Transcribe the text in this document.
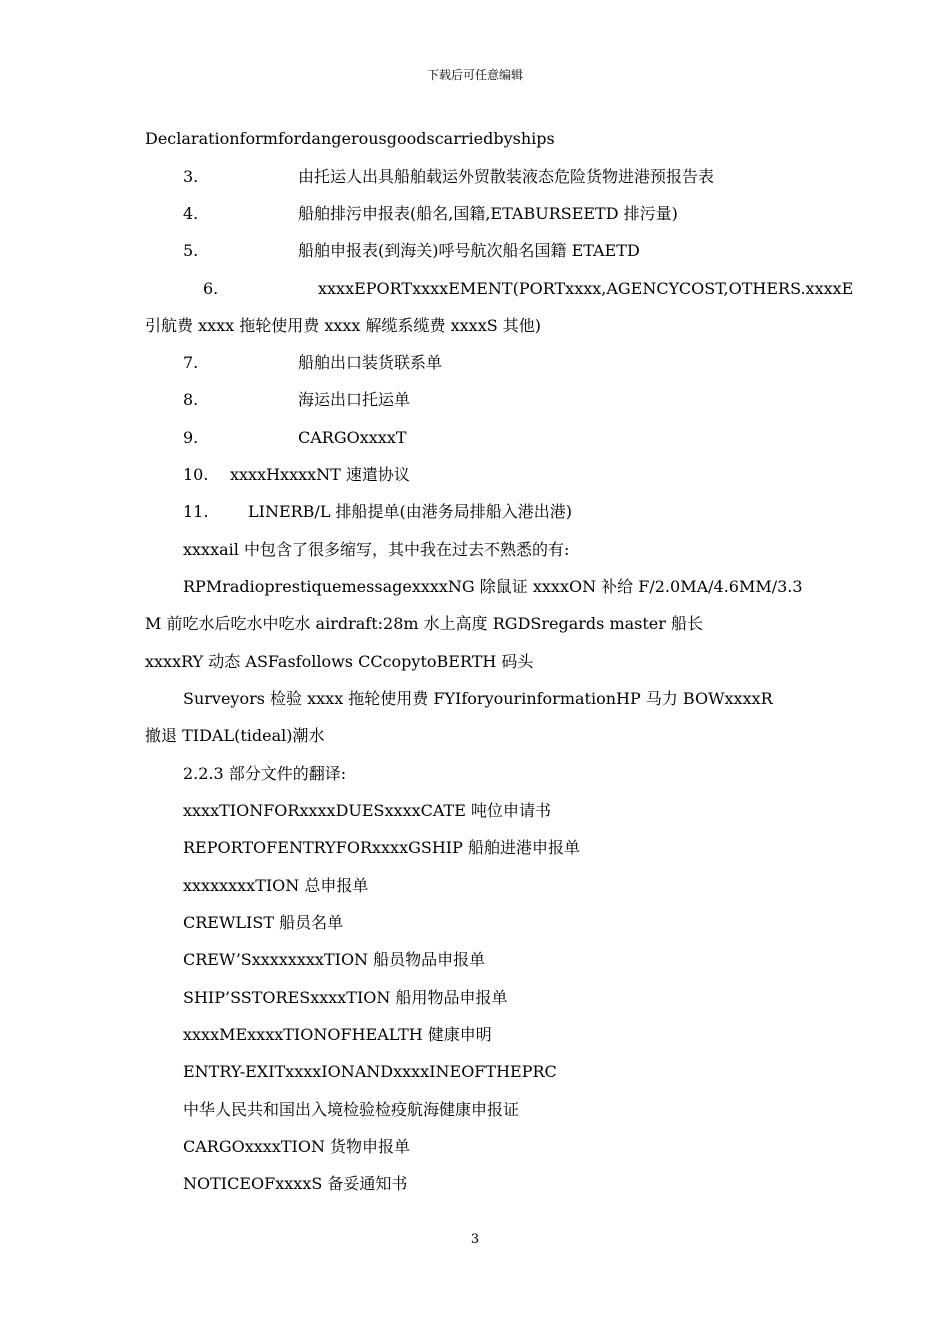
下载后可任意编辑
Declarationformfordangerousgoodscarriedbyships
3.	由托运人出具船舶载运外贸散装液态危险货物进港预报告表
4.	船舶排污申报表(船名,国籍,ETABURSEETD 排污量)
5.	船舶申报表(到海关)呼号航次船名国籍 ETAETD
6.	xxxxEPORTxxxxEMENT(PORTxxxx,AGENCYCOST,OTHERS.xxxxE
引航费 xxxx 拖轮使用费 xxxx 解缆系缆费 xxxxS 其他)
7.	船舶出口装货联系单
8.	海运出口托运单
9.	CARGOxxxxT
10.	xxxxHxxxxNT 速遣协议
11.	LINERB/L 排船提单(由港务局排船入港出港)
xxxxail 中包含了很多缩写，其中我在过去不熟悉的有:
RPMradioprestiquemessagexxxxNG 除鼠证 xxxxON 补给 F/2.0MA/4.6MM/3.3
M 前吃水后吃水中吃水 airdraft:28m 水上高度 RGDSregards master 船长
xxxxRY 动态 ASFasfollows CCcopytoBERTH 码头
Surveyors 检验 xxxx 拖轮使用费 FYIforyourinformationHP 马力 BOWxxxxR
撤退 TIDAL(tideal)潮水
2.2.3 部分文件的翻译:
xxxxTIONFORxxxxDUESxxxxCATE 吨位申请书
REPORTOFENTRYFORxxxxGSHIP 船舶进港申报单
xxxxxxxxTION 总申报单
CREWLIST 船员名单
CREW’SxxxxxxxxTION 船员物品申报单
SHIP’SSTORESxxxxTION 船用物品申报单
xxxxMExxxxTIONOFHEALTH 健康申明
ENTRY-EXITxxxxIONANDxxxxINEOFTHEPRC
中华人民共和国出入境检验检疫航海健康申报证
CARGOxxxxTION 货物申报单
NOTICEOFxxxxS 备妥通知书
3
